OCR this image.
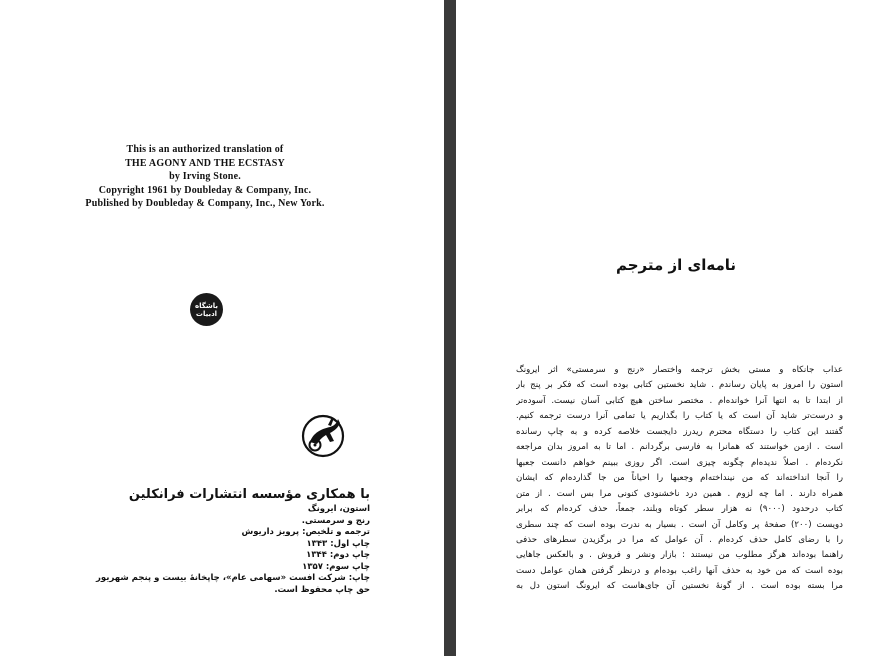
This is an authorized translation of
THE AGONY AND THE ECSTASY
by Irving Stone.
Copyright 1961 by Doubleday & Company, Inc.
Published by Doubleday & Company, Inc., New York.
باشگاه
ادبیات
با همکاری مؤسسه انتشارات فرانکلین
استون، ایرونگ
رنج و سرمستی.
ترجمه و تلخیص: پرویز داریوش
چاپ اول: ۱۳۴۳
چاپ دوم: ۱۳۴۴
چاپ سوم: ۱۳۵۷
چاپ: شرکت افست «سهامی عام»، چاپخانهٔ بیست و پنجم شهریور
حق چاپ محفوظ است.
نامه‌ای از مترجم
عذاب جانکاه و مستی بخش ترجمه واختصار «رنج و سرمستی» اثر ایرونگ
استون را امروز به پایان رساندم . شاید نخستین کتابی بوده است که فکر بر پنج بار
از ابتدا تا به انتها آنرا خوانده‌ام . مختصر ساختن هیچ کتابی آسان نیست. آسوده‌تر
و درست‌تر شاید آن است که یا کتاب را بگذاریم یا تمامی آنرا درست ترجمه کنیم.
گفتند این کتاب را دستگاه محترم ریدرز دایجست خلاصه کرده و به چاپ رسانده
است . ازمن خواستند که همانرا به فارسی برگردانم . اما تا به امروز بدان مراجعه
نکرده‌ام . اصلاً ندیده‌ام چگونه چیزی است. اگر روزی ببینم خواهم دانست جعبها
را آنجا انداخته‌اند که من نینداخته‌ام وجعبها را احیاناً من جا گذارده‌ام که ایشان
همراه دارند . اما چه لزوم . همین درد ناخشنودی کنونی مرا بس است . از متن
کتاب درحدود (۹۰۰۰) نه هزار سطر کوتاه وبلند، جمعاً، حذف کرده‌ام که برابر
دویست (۲۰۰) صفحهٔ پر وکامل آن است . بسیار به ندرت بوده است که چند سطری
را با رضای کامل حذف کرده‌ام . آن عوامل که مرا در برگزیدن سطرهای حذفی
راهنما بوده‌اند هرگز مطلوب من نیستند : بازار ونشر و فروش . و بالعکس جاهایی
بوده است که من خود به حذف آنها راغب بوده‌ام و درنظر گرفتن همان عوامل دست
مرا بسته بوده است . از گونهٔ نخستین آن جای‌هاست که ایرونگ استون دل به
